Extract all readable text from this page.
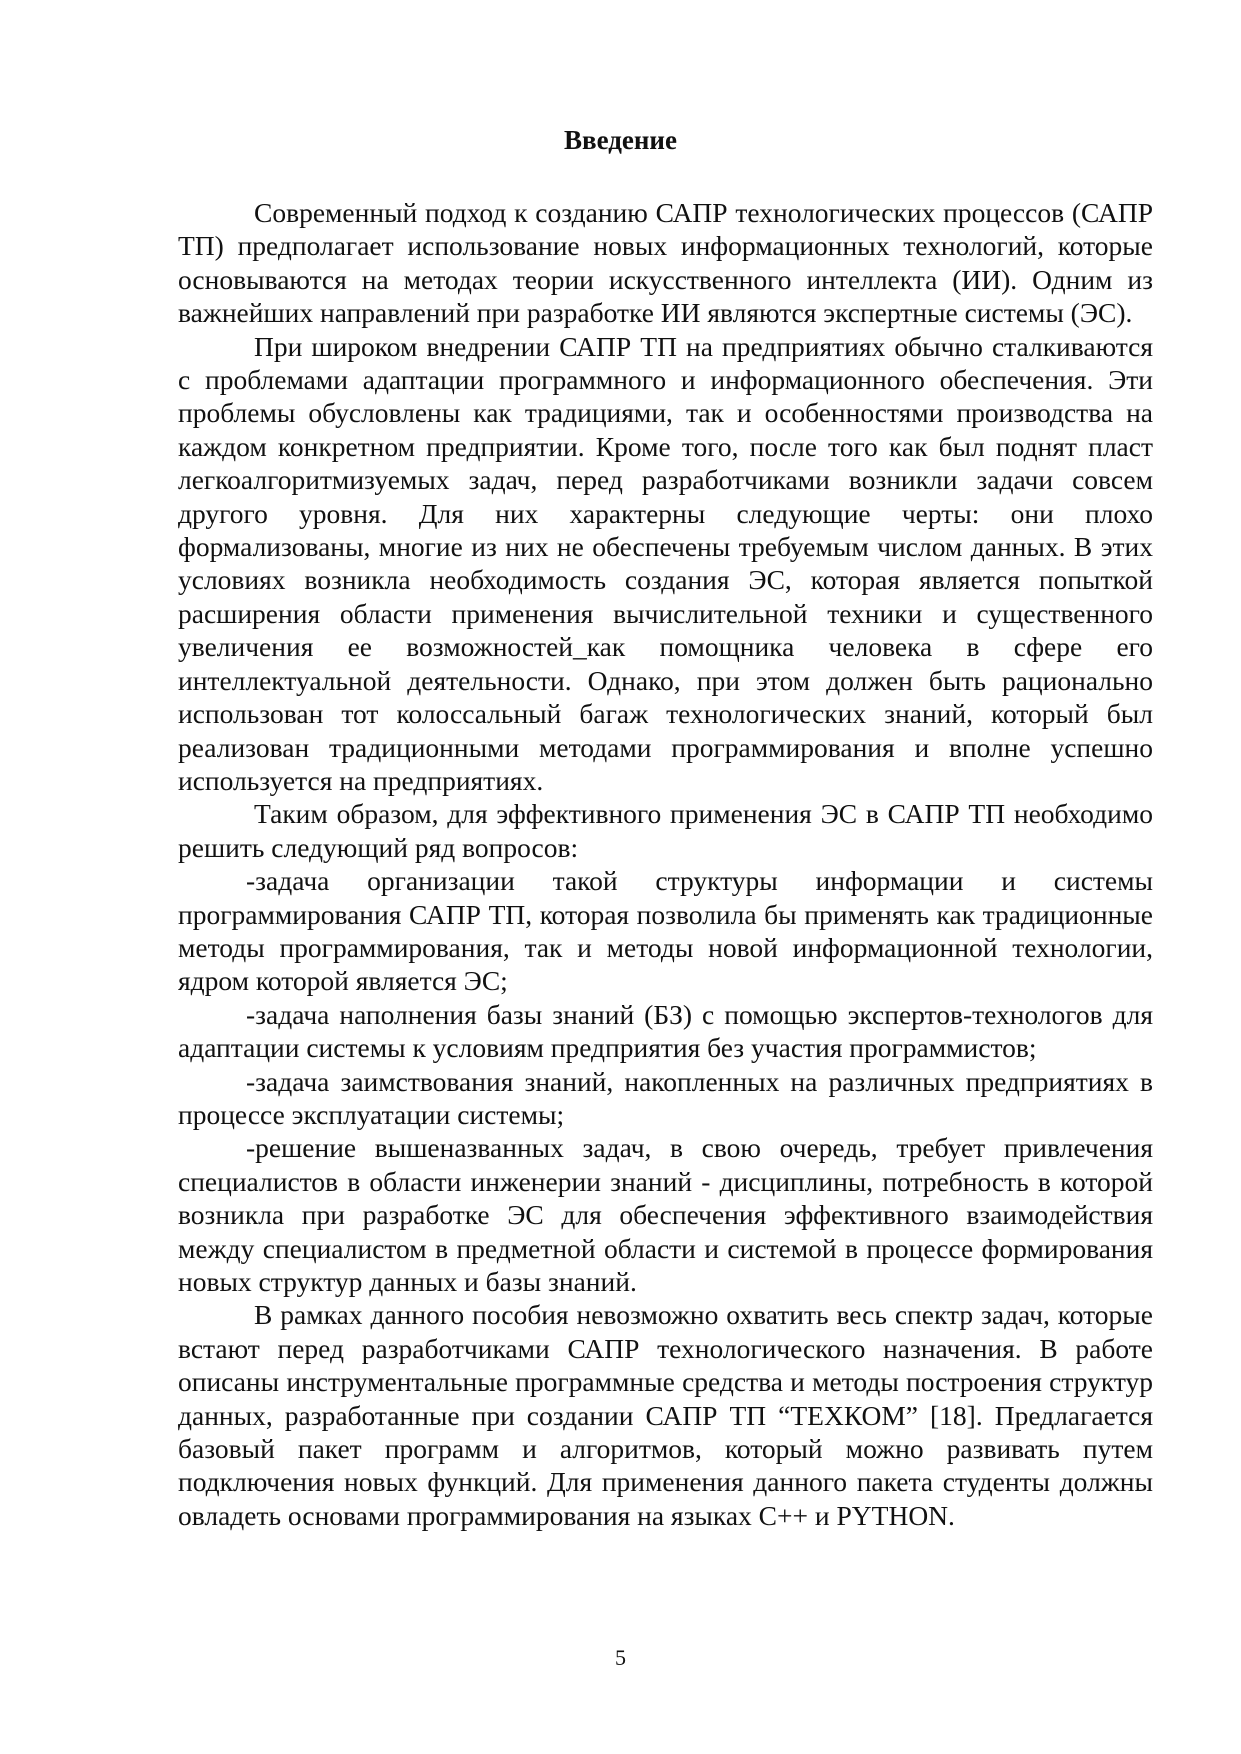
Введение

Современный подход к созданию САПР технологических процессов (САПР ТП) предполагает использование новых информационных технологий, которые основываются на методах теории искусственного интеллекта (ИИ). Одним из важнейших направлений при разработке ИИ являются экспертные системы (ЭС).

При широком внедрении САПР ТП на предприятиях обычно сталкиваются с проблемами адаптации программного и информационного обеспечения. Эти проблемы обусловлены как традициями, так и особенностями производства на каждом конкретном предприятии. Кроме того, после того как был поднят пласт легкоалгоритмизуемых задач, перед разработчиками возникли задачи совсем другого уровня. Для них характерны следующие черты: они плохо формализованы, многие из них не обеспечены требуемым числом данных. В этих условиях возникла необходимость создания ЭС, которая является попыткой расширения области применения вычислительной техники и существенного увеличения ее возможностей_как помощника человека в сфере его интеллектуальной деятельности. Однако, при этом должен быть рационально использован тот колоссальный багаж технологических знаний, который был реализован традиционными методами программирования и вполне успешно используется на предприятиях.

Таким образом, для эффективного применения ЭС в САПР ТП необходимо решить следующий ряд вопросов:

-задача организации такой структуры информации и системы программирования САПР ТП, которая позволила бы применять как традиционные методы программирования, так и методы новой информационной технологии, ядром которой является ЭС;

-задача наполнения базы знаний (БЗ) с помощью экспертов-технологов для адаптации системы к условиям предприятия без участия программистов;

-задача заимствования знаний, накопленных на различных предприятиях в процессе эксплуатации системы;

-решение вышеназванных задач, в свою очередь, требует привлечения специалистов в области инженерии знаний - дисциплины, потребность в которой возникла при разработке ЭС для обеспечения эффективного взаимодействия между специалистом в предметной области и системой в процессе формирования новых структур данных и базы знаний.

В рамках данного пособия невозможно охватить весь спектр задач, которые встают перед разработчиками САПР технологического назначения. В работе описаны инструментальные программные средства и методы построения структур данных, разработанные при создании САПР ТП “ТЕХКОМ” [18]. Предлагается базовый пакет программ и алгоритмов, который можно развивать путем подключения новых функций. Для применения данного пакета студенты должны овладеть основами программирования на языках С++ и PYTHON.

5
